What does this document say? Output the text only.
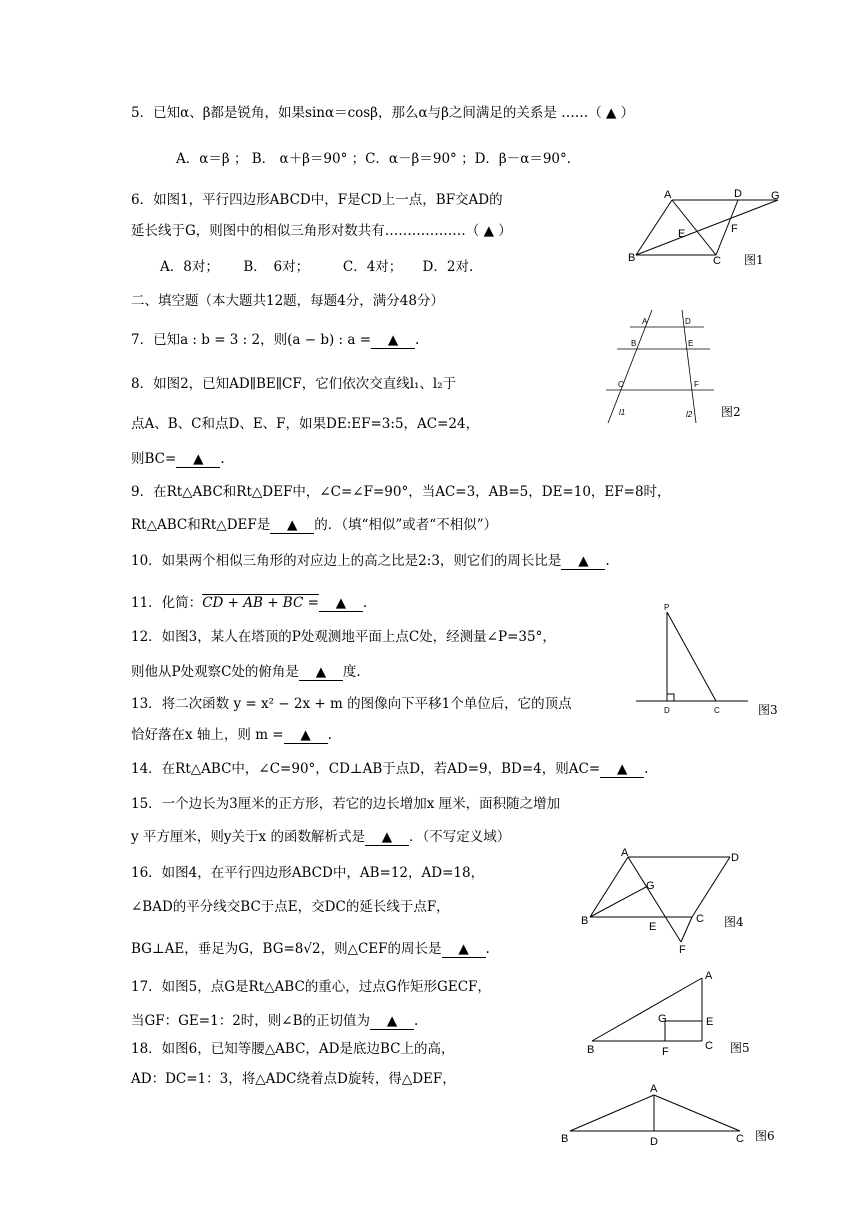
5．已知α、β都是锐角，如果sinα＝cosβ，那么α与β之间满足的关系是 ……（ ▲ ）
A．α＝β ； B． α＋β＝90° ；C．α－β＝90° ；D．β－α＝90°．
6．如图1，平行四边形ABCD中，F是CD上一点，BF交AD的
延长线于G，则图中的相似三角形对数共有………………（ ▲ ）
A．8对；　　 B．　6对；　　　C．4对；　　D．2对.
二、填空题（本大题共12题，每题4分，满分48分）
7．已知a : b = 3 : 2，则(a − b) : a = ▲ .
8．如图2，已知AD∥BE∥CF，它们依次交直线l₁、l₂于
点A、B、C和点D、E、F，如果DE:EF=3:5，AC=24，
则BC= ▲ .
9．在Rt△ABC和Rt△DEF中，∠C=∠F=90°，当AC=3，AB=5，DE=10，EF=8时，
Rt△ABC和Rt△DEF是 ▲ 的．（填“相似”或者“不相似”）
10．如果两个相似三角形的对应边上的高之比是2:3，则它们的周长比是 ▲ .
11．化简：CD + AB + BC = ▲ .
12．如图3，某人在塔顶的P处观测地平面上点C处，经测量∠P=35°，
则他从P处观察C处的俯角是 ▲ 度.
13．将二次函数 y = x² − 2x + m 的图像向下平移1个单位后，它的顶点
恰好落在x 轴上，则 m = ▲ .
14．在Rt△ABC中，∠C=90°，CD⊥AB于点D，若AD=9，BD=4，则AC= ▲ .
15．一个边长为3厘米的正方形，若它的边长增加x 厘米，面积随之增加
y 平方厘米，则y关于x 的函数解析式是 ▲ ．（不写定义域）
16．如图4，在平行四边形ABCD中，AB=12，AD=18，
∠BAD的平分线交BC于点E，交DC的延长线于点F，
BG⊥AE，垂足为G，BG=8√2，则△CEF的周长是 ▲ .
17．如图5，点G是Rt△ABC的重心，过点G作矩形GECF，
当GF：GE=1：2时，则∠B的正切值为 ▲ .
18．如图6，已知等腰△ABC，AD是底边BC上的高，
AD：DC=1：3，将△ADC绕着点D旋转，得△DEF，
A	D	G
E	F
B	C 图1
A	D
B	E
C	F
l1	l2 图2
P
D	C	图3
A	D
G
B	C
E
F
图4
A
G	E
B	F	C 图5
A
B	D	C 图6
